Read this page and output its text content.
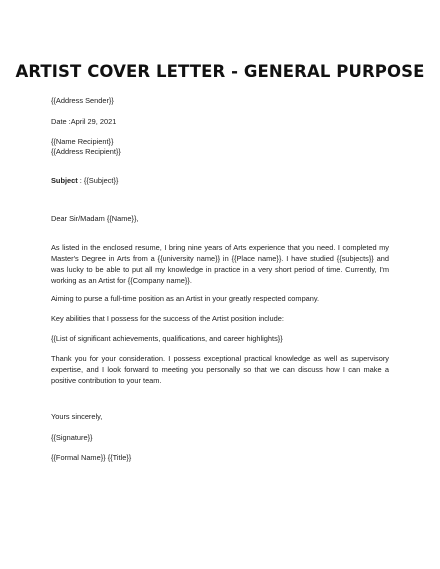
ARTIST COVER LETTER - GENERAL PURPOSE
{{Address Sender}}
Date :April 29, 2021
{{Name Recipient}}
{{Address Recipient}}
Subject : {{Subject}}
Dear Sir/Madam {{Name}},
As listed in the enclosed resume, I bring nine years of Arts experience that you need. I completed my Master's Degree in Arts from a {{university name}} in {{Place name}}. I have studied {{subjects}} and was lucky to be able to put all my knowledge in practice in a very short period of time. Currently, I'm working as an Artist for {{Company name}}.
Aiming to purse a full-time position as an Artist in your greatly respected company.
Key abilities that I possess for the success of the Artist position include:
{{List of significant achievements, qualifications, and career highlights}}
Thank you for your consideration. I possess exceptional practical knowledge as well as supervisory expertise, and I look forward to meeting you personally so that we can discuss how I can make a positive contribution to your team.
Yours sincerely,
{{Signature}}
{{Formal Name}} {{Title}}
